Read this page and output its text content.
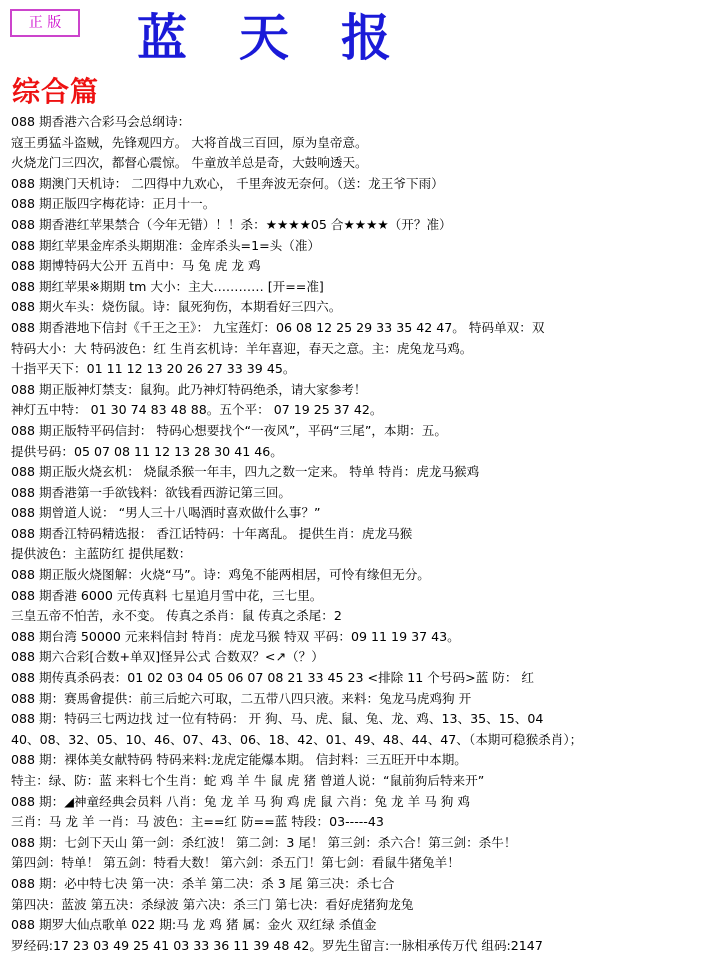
正 版	蓝天报
综合篇
088 期香港六合彩马会总纲诗：
寇王勇猛斗盗贼，先锋观四方。 大将首战三百回，原为皇帝意。
火烧龙门三四次，都督心震惊。 牛童放羊总是奇，大鼓响透天。
088 期澳门天机诗： 二四得中九欢心， 千里奔波无奈何。（送：龙王爷下雨）
088 期正版四字梅花诗：正月十一。
088 期香港红苹果禁合（今年无错）！！杀：★★★★05 合★★★★（开？准）
088 期红苹果金库杀头期期准：金库杀头=1=头（准）
088 期博特码大公开 五肖中：马 兔 虎 龙 鸡
088 期红苹果※期期 tm 大小：主大………… [开==准]
088 期火车头：烧伤鼠。诗：鼠死狗伤，本期看好三四六。
088 期香港地下信封《千王之王》： 九宝莲灯：06 08 12 25 29 33 35 42 47。 特码单双：双
特码大小：大 特码波色：红 生肖玄机诗：羊年喜迎，春天之意。主：虎兔龙马鸡。
十指平天下：01 11 12 13 20 26 27 33 39 45。
088 期正版神灯禁支：鼠狗。此乃神灯特码绝杀，请大家参考！
神灯五中特： 01 30 74 83 48 88。五个平： 07 19 25 37 42。
088 期正版特平码信封： 特码心想要找个“一夜风”，平码“三尾”，本期：五。
提供号码：05 07 08 11 12 13 28 30 41 46。
088 期正版火烧玄机： 烧鼠杀猴一年丰，四九之数一定来。 特单 特肖：虎龙马猴鸡
088 期香港第一手欲钱料：欲钱看西游记第三回。
088 期曾道人说： “男人三十八喝酒时喜欢做什么事？”
088 期香江特码精选报： 香江话特码：十年离乱。 提供生肖：虎龙马猴
提供波色：主蓝防红 提供尾数：
088 期正版火烧图解：火烧“马”。诗：鸡兔不能两相居，可怜有缘但无分。
088 期香港 6000 元传真料 七星追月雪中花，三七里。
三皇五帝不怕苦，永不变。 传真之杀肖：鼠 传真之杀尾：2
088 期台湾 50000 元来料信封 特肖：虎龙马猴 特双 平码：09 11 19 37 43。
088 期六合彩[合数+单双]怪异公式 合数双？<↗（？）
088 期传真杀码表：01 02 03 04 05 06 07 08 21 33 45 23 <排除 11 个号码>蓝 防： 红
088 期：赛馬會提供：前三后蛇六可取，二五带八四只液。来料：兔龙马虎鸡狗 开
088 期：特码三七两边找 过一位有特码： 开 狗、马、虎、鼠、兔、龙、鸡、13、35、15、04
40、08、32、05、10、46、07、43、06、18、42、01、49、48、44、47、（本期可稳猴杀肖）；
088 期：裸体美女献特码 特码来料:龙虎定能爆本期。 信封料：三五旺开中本期。
特主：绿、防：蓝 来料七个生肖：蛇 鸡 羊 牛 鼠 虎 猪 曾道人说：“鼠前狗后特来开”
088 期：◢神童经典会员料 八肖：兔 龙 羊 马 狗 鸡 虎 鼠 六肖：兔 龙 羊 马 狗 鸡
三肖：马 龙 羊 一肖：马 波色：主==红 防==蓝 特段：03-----43
088 期：七剑下天山 第一剑：杀红波！ 第二剑：3 尾！ 第三剑：杀六合！第三剑：杀牛！
第四剑：特单！ 第五剑：特看大数！ 第六剑：杀五门！第七剑：看鼠牛猪兔羊！
088 期：必中特七决 第一决：杀羊 第二决：杀 3 尾 第三决：杀七合
第四决：蓝波 第五决：杀绿波 第六决：杀三门 第七决：看好虎猪狗龙兔
088 期罗大仙点歌单 022 期:马 龙 鸡 猪 属：金火 双红绿 杀值金
罗经码:17 23 03 49 25 41 03 33 36 11 39 48 42。罗先生留言:一脉相承传万代 组码:2147
